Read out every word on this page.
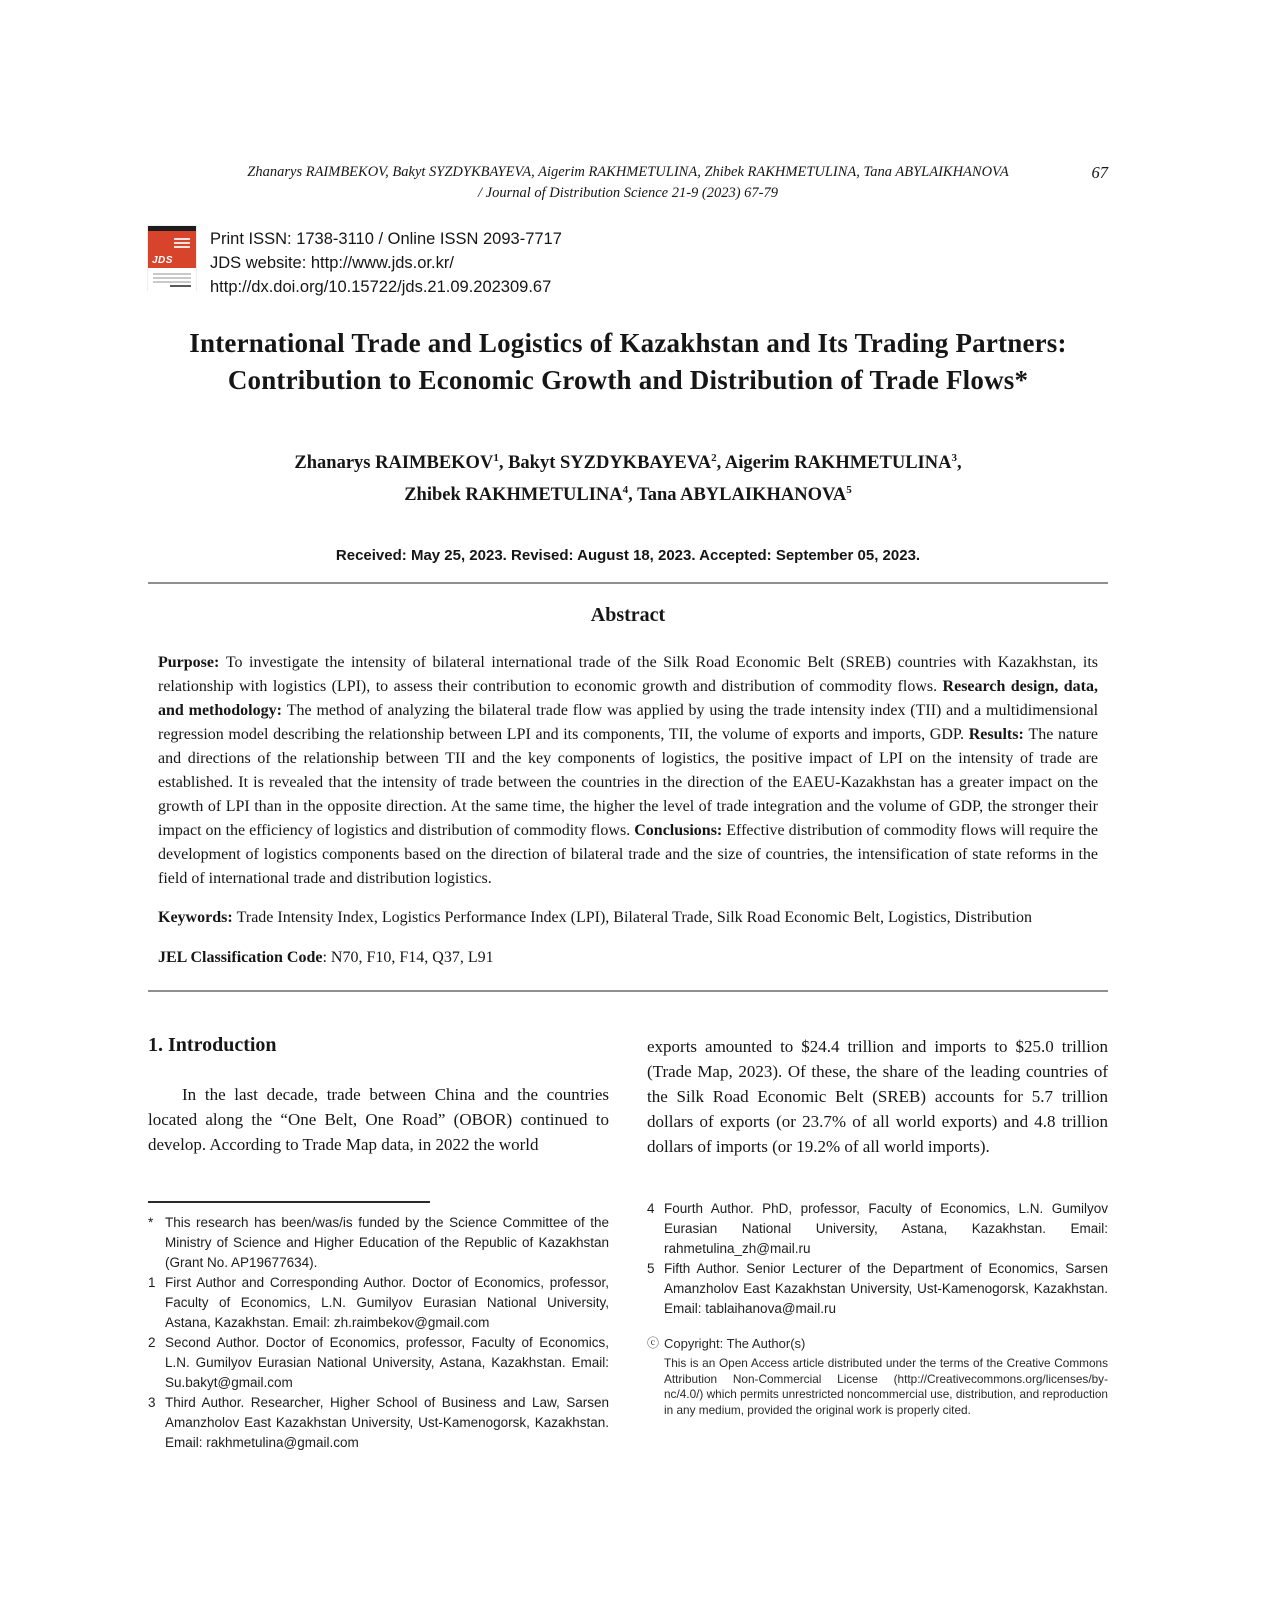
Zhanarys RAIMBEKOV, Bakyt SYZDYKBAYEVA, Aigerim RAKHMETULINA, Zhibek RAKHMETULINA, Tana ABYLAIKHANOVA
/ Journal of Distribution Science 21-9 (2023) 67-79
67
JDS
Print ISSN: 1738-3110 / Online ISSN 2093-7717
JDS website: http://www.jds.or.kr/
http://dx.doi.org/10.15722/jds.21.09.202309.67
International Trade and Logistics of Kazakhstan and Its Trading Partners:
Contribution to Economic Growth and Distribution of Trade Flows*
Zhanarys RAIMBEKOV$^1$, Bakyt SYZDYKBAYEVA$^2$, Aigerim RAKHMETULINA$^3$,
Zhibek RAKHMETULINA$^4$, Tana ABYLAIKHANOVA$^5$
Received: May 25, 2023. Revised: August 18, 2023. Accepted: September 05, 2023.
Abstract
Purpose: To investigate the intensity of bilateral international trade of the Silk Road Economic Belt (SREB) countries with Kazakhstan, its relationship with logistics (LPI), to assess their contribution to economic growth and distribution of commodity flows. Research design, data, and methodology: The method of analyzing the bilateral trade flow was applied by using the trade intensity index (TII) and a multidimensional regression model describing the relationship between LPI and its components, TII, the volume of exports and imports, GDP. Results: The nature and directions of the relationship between TII and the key components of logistics, the positive impact of LPI on the intensity of trade are established. It is revealed that the intensity of trade between the countries in the direction of the EAEU-Kazakhstan has a greater impact on the growth of LPI than in the opposite direction. At the same time, the higher the level of trade integration and the volume of GDP, the stronger their impact on the efficiency of logistics and distribution of commodity flows. Conclusions: Effective distribution of commodity flows will require the development of logistics components based on the direction of bilateral trade and the size of countries, the intensification of state reforms in the field of international trade and distribution logistics.
Keywords: Trade Intensity Index, Logistics Performance Index (LPI), Bilateral Trade, Silk Road Economic Belt, Logistics, Distribution
JEL Classification Code: N70, F10, F14, Q37, L91
1. Introduction
In the last decade, trade between China and the countries located along the “One Belt, One Road” (OBOR) continued to develop. According to Trade Map data, in 2022 the world
* This research has been/was/is funded by the Science Committee of the Ministry of Science and Higher Education of the Republic of Kazakhstan (Grant No. AP19677634).
1 First Author and Corresponding Author. Doctor of Economics, professor, Faculty of Economics, L.N. Gumilyov Eurasian National University, Astana, Kazakhstan. Email: zh.raimbekov@gmail.com
2 Second Author. Doctor of Economics, professor, Faculty of Economics, L.N. Gumilyov Eurasian National University, Astana, Kazakhstan. Email: Su.bakyt@gmail.com
3 Third Author. Researcher, Higher School of Business and Law, Sarsen Amanzholov East Kazakhstan University, Ust-Kamenogorsk, Kazakhstan. Email: rakhmetulina@gmail.com
exports amounted to $24.4 trillion and imports to $25.0 trillion (Trade Map, 2023). Of these, the share of the leading countries of the Silk Road Economic Belt (SREB) accounts for 5.7 trillion dollars of exports (or 23.7% of all world exports) and 4.8 trillion dollars of imports (or 19.2% of all world imports).
4 Fourth Author. PhD, professor, Faculty of Economics, L.N. Gumilyov Eurasian National University, Astana, Kazakhstan. Email: rahmetulina_zh@mail.ru
5 Fifth Author. Senior Lecturer of the Department of Economics, Sarsen Amanzholov East Kazakhstan University, Ust-Kamenogorsk, Kazakhstan. Email: tablaihanova@mail.ru
ⓒ Copyright: The Author(s)
This is an Open Access article distributed under the terms of the Creative Commons Attribution Non-Commercial License (http://Creativecommons.org/licenses/by-nc/4.0/) which permits unrestricted noncommercial use, distribution, and reproduction in any medium, provided the original work is properly cited.
